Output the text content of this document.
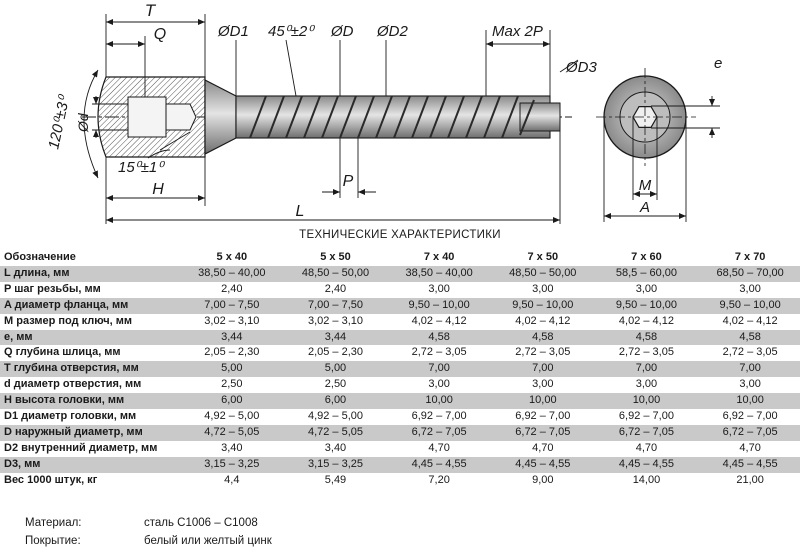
T
Q	ØD1 45⁰±2⁰ ØD ØD2	Max 2P
ØD3	e
120⁰±3⁰ Ød
15⁰±1⁰
H	P
L
M
A
ТЕХНИЧЕСКИЕ ХАРАКТЕРИСТИКИ
Обозначение	5 x 40	5 x 50	7 x 40	7 x 50	7 x 60	7 x 70
L длина, мм	38,50 – 40,00	48,50 – 50,00	38,50 – 40,00	48,50 – 50,00	58,5 – 60,00	68,50 – 70,00
P шаг резьбы, мм	2,40	2,40	3,00	3,00	3,00	3,00
A диаметр фланца, мм	7,00 – 7,50	7,00 – 7,50	9,50 – 10,00	9,50 – 10,00	9,50 – 10,00	9,50 – 10,00
M размер под ключ, мм	3,02 – 3,10	3,02 – 3,10	4,02 – 4,12	4,02 – 4,12	4,02 – 4,12	4,02 – 4,12
e, мм	3,44	3,44	4,58	4,58	4,58	4,58
Q глубина шлица, мм	2,05 – 2,30	2,05 – 2,30	2,72 – 3,05	2,72 – 3,05	2,72 – 3,05	2,72 – 3,05
T глубина отверстия, мм	5,00	5,00	7,00	7,00	7,00	7,00
d диаметр отверстия, мм	2,50	2,50	3,00	3,00	3,00	3,00
H высота головки, мм	6,00	6,00	10,00	10,00	10,00	10,00
D1 диаметр головки, мм	4,92 – 5,00	4,92 – 5,00	6,92 – 7,00	6,92 – 7,00	6,92 – 7,00	6,92 – 7,00
D наружный диаметр, мм	4,72 – 5,05	4,72 – 5,05	6,72 – 7,05	6,72 – 7,05	6,72 – 7,05	6,72 – 7,05
D2 внутренний диаметр, мм	3,40	3,40	4,70	4,70	4,70	4,70
D3, мм	3,15 – 3,25	3,15 – 3,25	4,45 – 4,55	4,45 – 4,55	4,45 – 4,55	4,45 – 4,55
Вес 1000 штук, кг	4,4	5,49	7,20	9,00	14,00	21,00
Материал:	сталь С1006 – С1008
Покрытие:	белый или желтый цинк
